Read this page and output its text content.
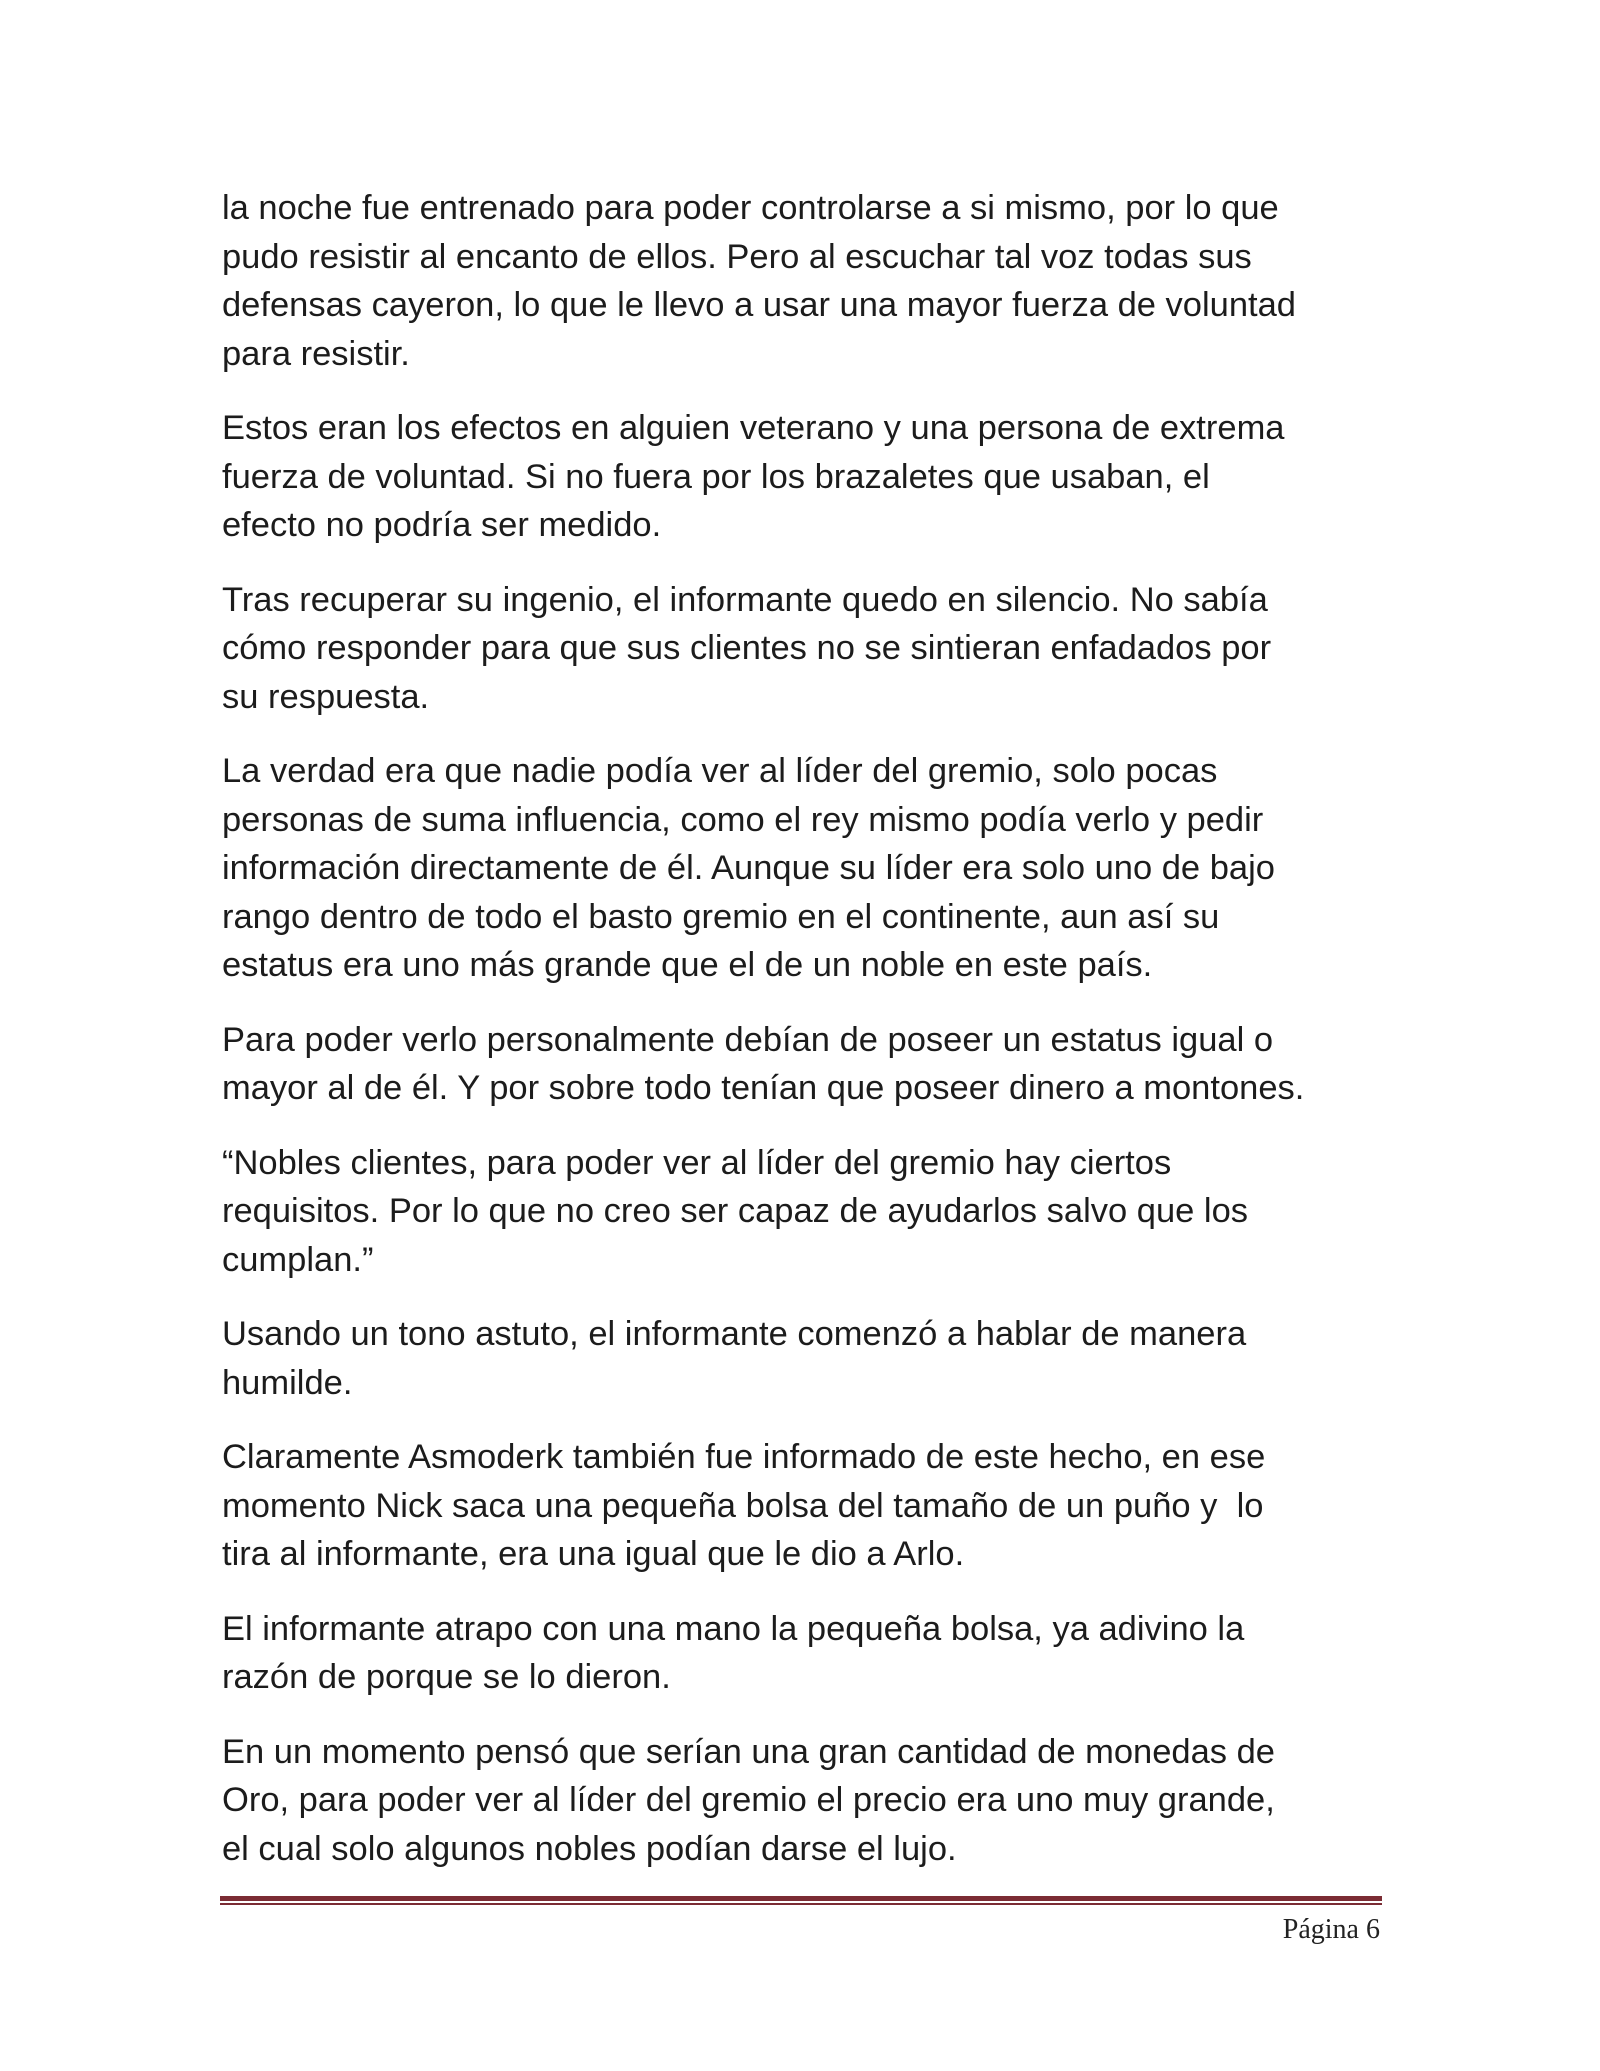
la noche fue entrenado para poder controlarse a si mismo, por lo que
pudo resistir al encanto de ellos. Pero al escuchar tal voz todas sus
defensas cayeron, lo que le llevo a usar una mayor fuerza de voluntad
para resistir.

Estos eran los efectos en alguien veterano y una persona de extrema
fuerza de voluntad. Si no fuera por los brazaletes que usaban, el
efecto no podría ser medido.

Tras recuperar su ingenio, el informante quedo en silencio. No sabía
cómo responder para que sus clientes no se sintieran enfadados por
su respuesta.

La verdad era que nadie podía ver al líder del gremio, solo pocas
personas de suma influencia, como el rey mismo podía verlo y pedir
información directamente de él. Aunque su líder era solo uno de bajo
rango dentro de todo el basto gremio en el continente, aun así su
estatus era uno más grande que el de un noble en este país.

Para poder verlo personalmente debían de poseer un estatus igual o
mayor al de él. Y por sobre todo tenían que poseer dinero a montones.

“Nobles clientes, para poder ver al líder del gremio hay ciertos
requisitos. Por lo que no creo ser capaz de ayudarlos salvo que los
cumplan.”

Usando un tono astuto, el informante comenzó a hablar de manera
humilde.

Claramente Asmoderk también fue informado de este hecho, en ese
momento Nick saca una pequeña bolsa del tamaño de un puño y  lo
tira al informante, era una igual que le dio a Arlo.

El informante atrapo con una mano la pequeña bolsa, ya adivino la
razón de porque se lo dieron.

En un momento pensó que serían una gran cantidad de monedas de
Oro, para poder ver al líder del gremio el precio era uno muy grande,
el cual solo algunos nobles podían darse el lujo.

Página 6
